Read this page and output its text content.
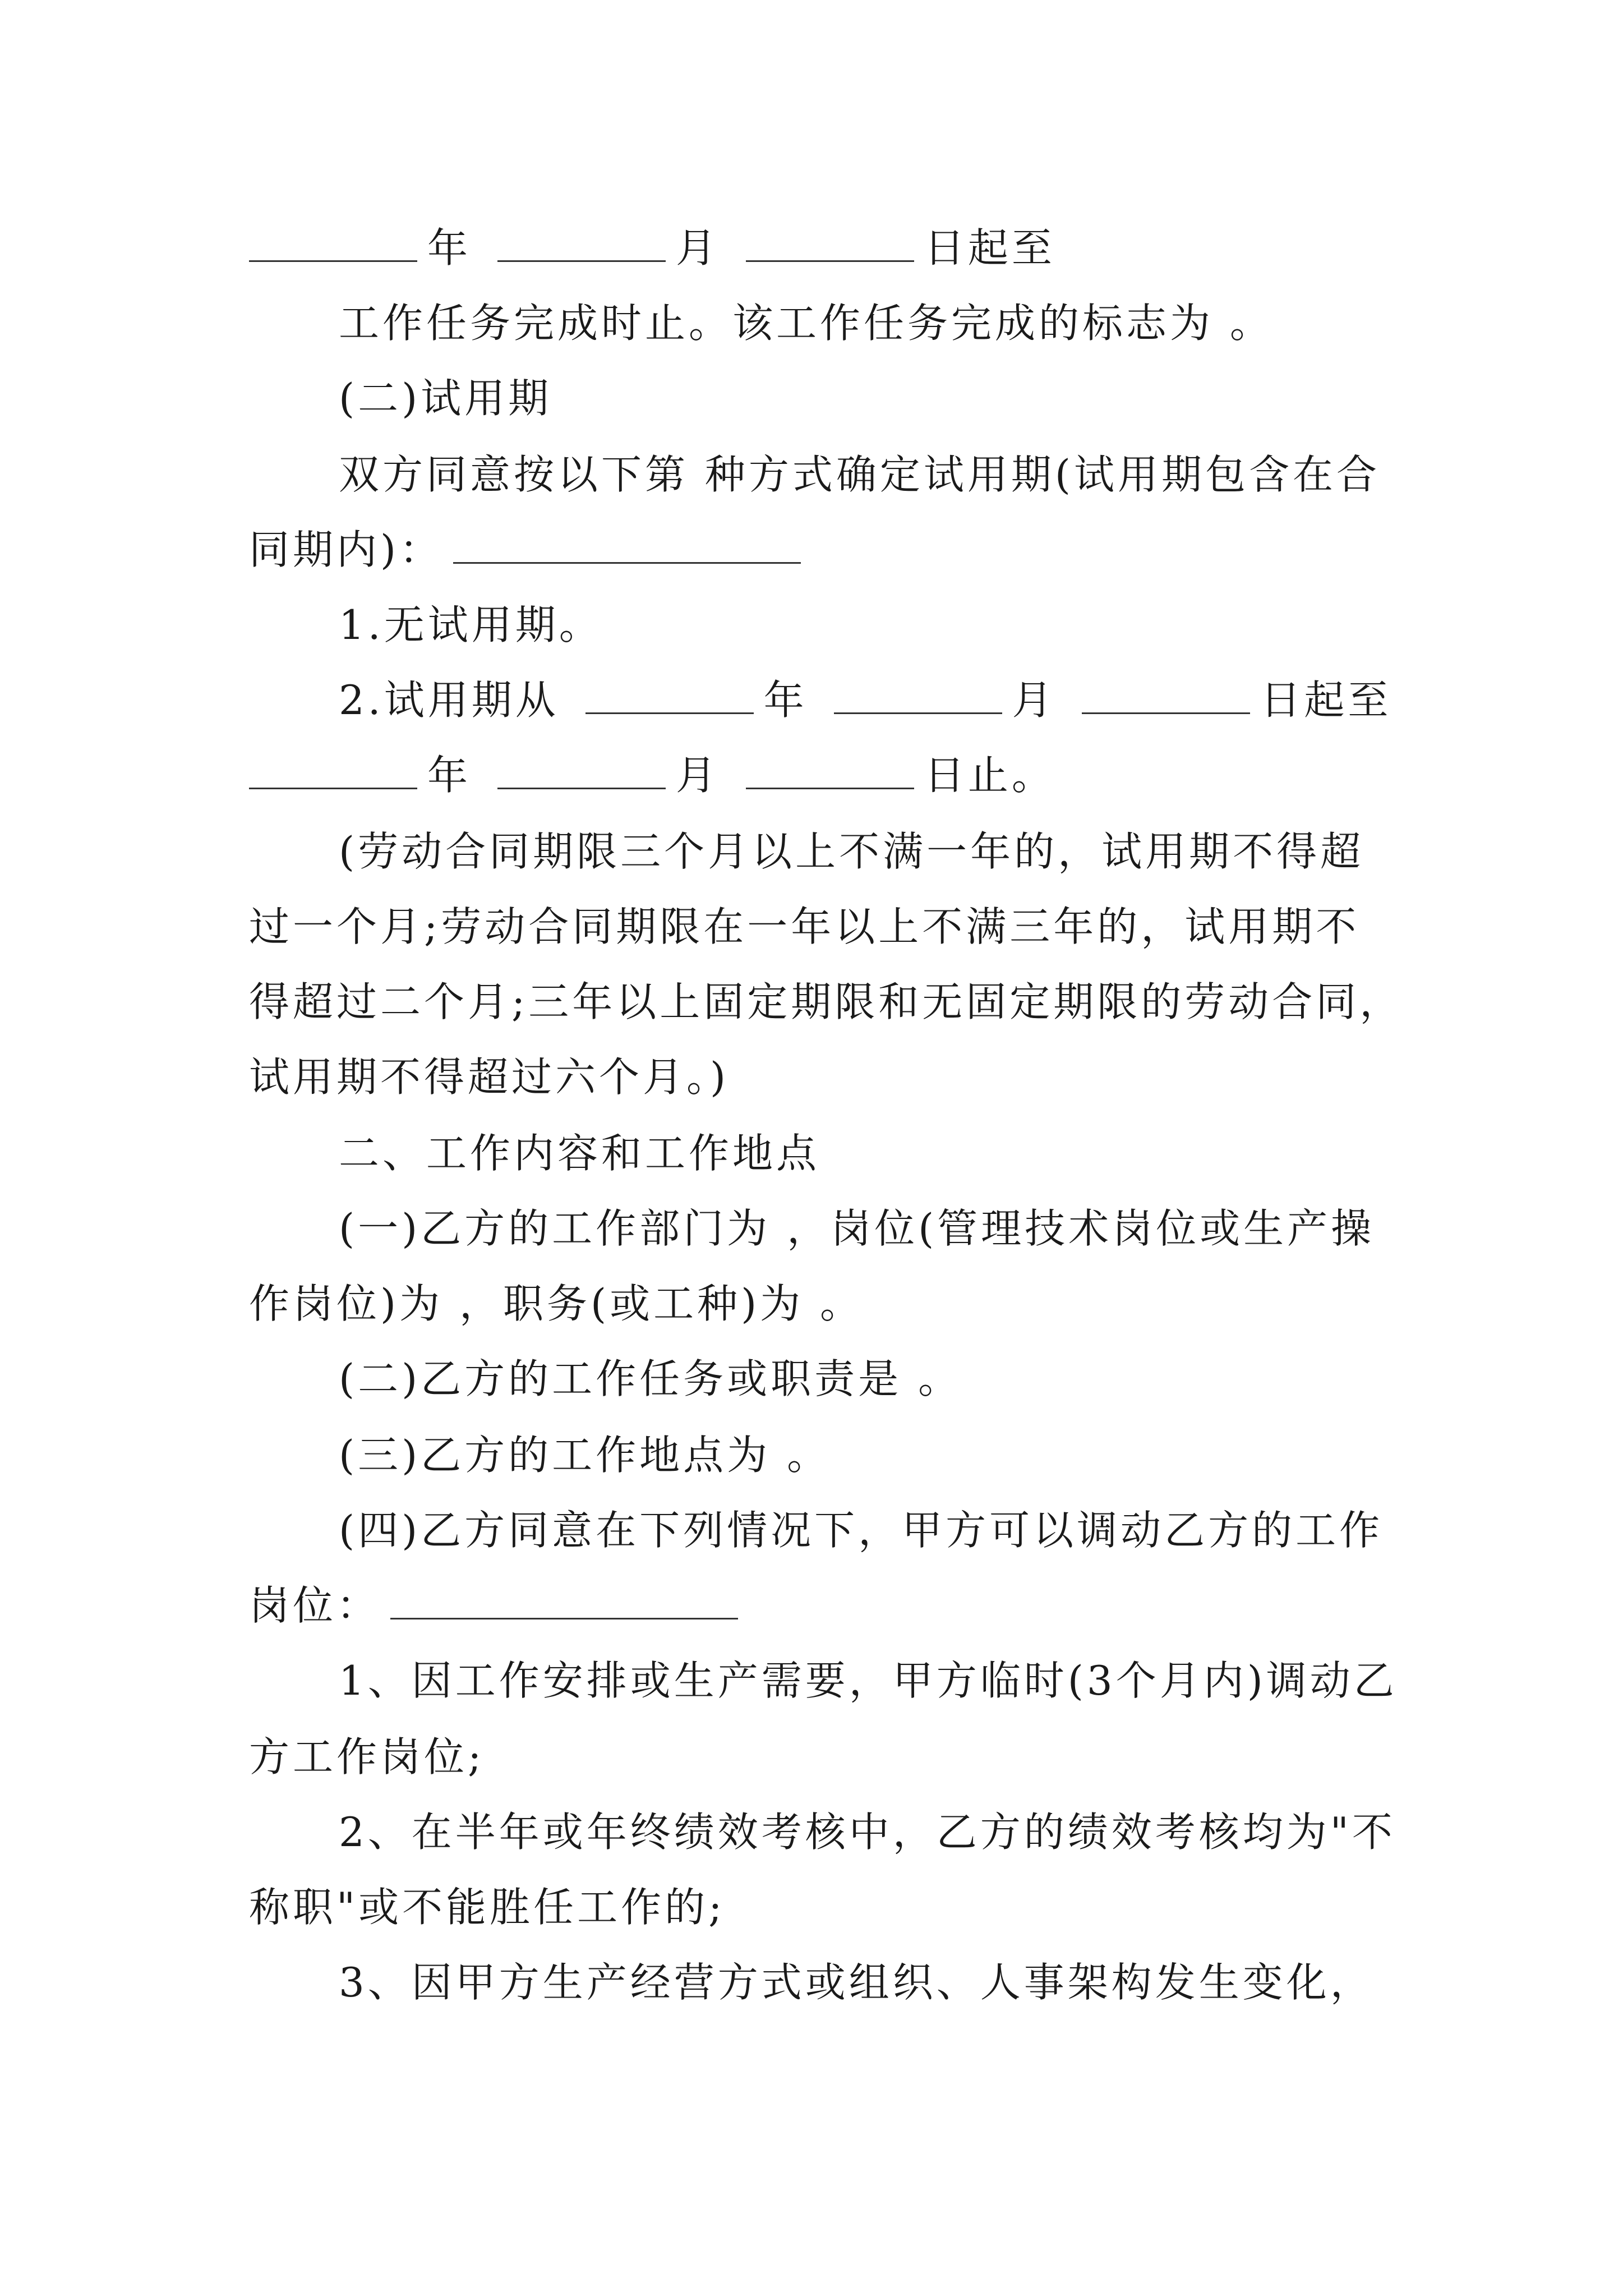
年	月	日起至
工作任务完成时止。该工作任务完成的标志为 。
(二)试用期
双方同意按以下第 种方式确定试用期(试用期包含在合
同期内)：
1.无试用期。
2.试用期从	年	月	日起至
年	月	日止。
(劳动合同期限三个月以上不满一年的，试用期不得超
过一个月;劳动合同期限在一年以上不满三年的，试用期不
得超过二个月;三年以上固定期限和无固定期限的劳动合同，
试用期不得超过六个月。)
二、工作内容和工作地点
(一)乙方的工作部门为 ，岗位(管理技术岗位或生产操
作岗位)为 ，职务(或工种)为 。
(二)乙方的工作任务或职责是 。
(三)乙方的工作地点为 。
(四)乙方同意在下列情况下，甲方可以调动乙方的工作
岗位：
1、因工作安排或生产需要，甲方临时(3个月内)调动乙
方工作岗位;
2、在半年或年终绩效考核中，乙方的绩效考核均为"不
称职"或不能胜任工作的;
3、因甲方生产经营方式或组织、人事架构发生变化，
